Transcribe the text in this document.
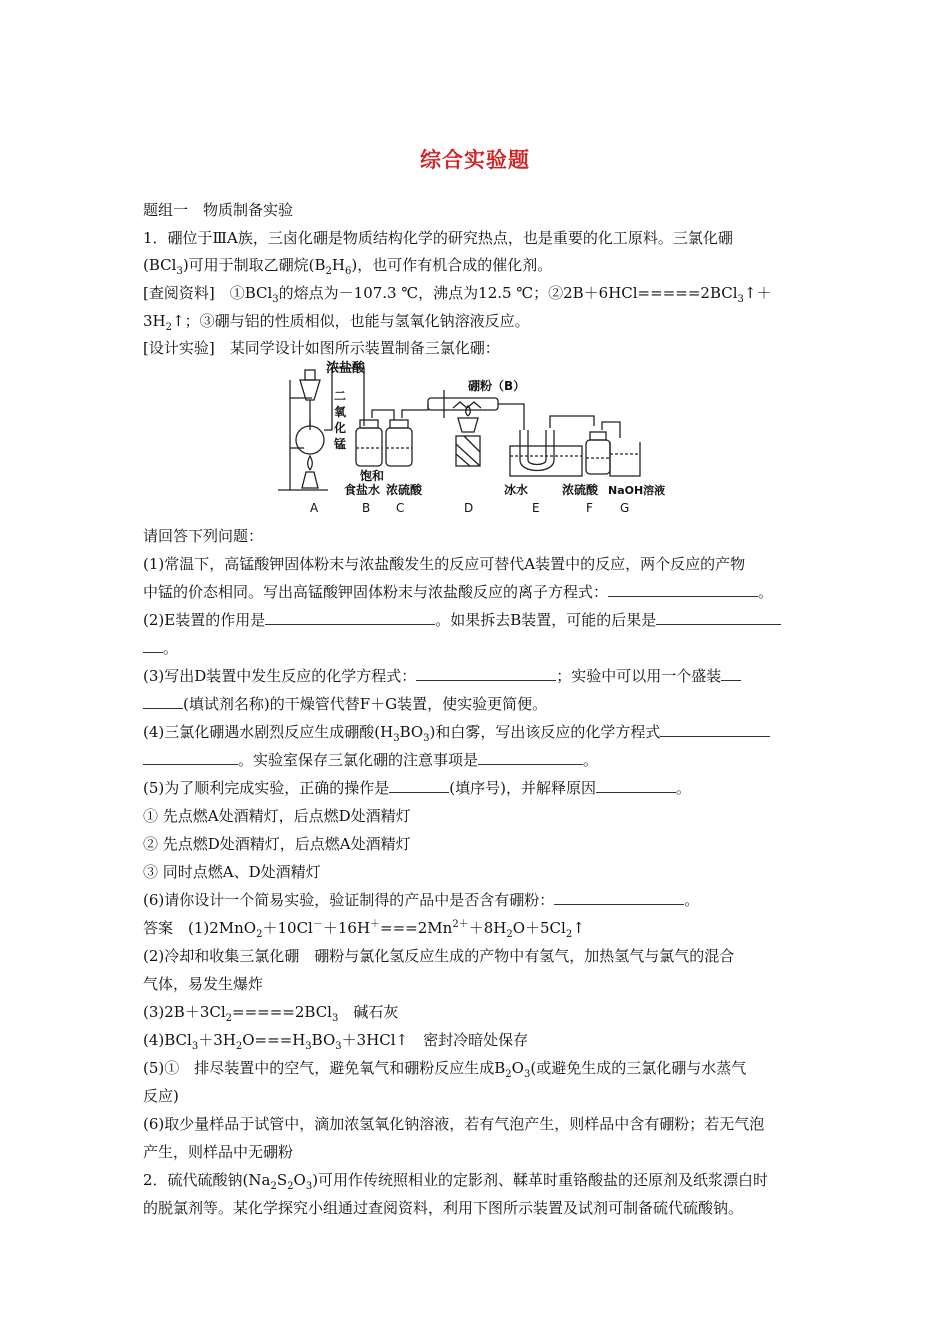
综合实验题
题组一　物质制备实验
1．硼位于ⅢA族，三卤化硼是物质结构化学的研究热点，也是重要的化工原料。三氯化硼
(BCl$_3$)可用于制取乙硼烷$(B_2H_6)$，也可作有机合成的催化剂。
[查阅资料]　①BCl$_3$的熔点为－107.3 ℃，沸点为12.5 ℃；②2B＋6HCl=====2BCl$_3$↑＋
$3H_2↑$；③硼与铝的性质相似，也能与氢氧化钠溶液反应。
[设计实验]　某同学设计如图所示装置制备三氯化硼：
浓盐酸
二
氧
化
锰
硼粉（B）
饱和
食盐水 浓硫酸	冰水	浓硫酸 NaOH溶液
A	B C	D	E	F G
请回答下列问题：
(1)常温下，高锰酸钾固体粉末与浓盐酸发生的反应可替代A装置中的反应，两个反应的产物
中锰的价态相同。写出高锰酸钾固体粉末与浓盐酸反应的离子方程式：	。
(2)E装置的作用是	。如果拆去B装置，可能的后果是
。
(3)写出D装置中发生反应的化学方程式：	；实验中可以用一个盛装
(填试剂名称)的干燥管代替F＋G装置，使实验更简便。
(4)三氯化硼遇水剧烈反应生成硼酸$(H_3BO_3)$和白雾，写出该反应的化学方程式
。实验室保存三氯化硼的注意事项是	。
(5)为了顺利完成实验，正确的操作是	(填序号)，并解释原因	。
① 先点燃A处酒精灯，后点燃D处酒精灯
② 先点燃D处酒精灯，后点燃A处酒精灯
③ 同时点燃A、D处酒精灯
(6)请你设计一个简易实验，验证制得的产品中是否含有硼粉：	。
答案　$(1)2MnO_2+10Cl^-+16H^+===2Mn^{2+}+8H_2O+5Cl_2↑$
(2)冷却和收集三氯化硼　硼粉与氯化氢反应生成的产物中有氢气，加热氢气与氯气的混合
气体，易发生爆炸
$(3)2B+3Cl_2=====2BCl_3$　碱石灰
$(4)BCl_3+3H_2O===H_3BO_3+3HCl↑$　密封冷暗处保存
(5)①　排尽装置中的空气，避免氧气和硼粉反应生成$B_2O_3$(或避免生成的三氯化硼与水蒸气
反应)
(6)取少量样品于试管中，滴加浓氢氧化钠溶液，若有气泡产生，则样品中含有硼粉；若无气泡
产生，则样品中无硼粉
2．硫代硫酸钠$(Na_2S_2O_3)$可用作传统照相业的定影剂、鞣革时重铬酸盐的还原剂及纸浆漂白时
的脱氯剂等。某化学探究小组通过查阅资料，利用下图所示装置及试剂可制备硫代硫酸钠。
